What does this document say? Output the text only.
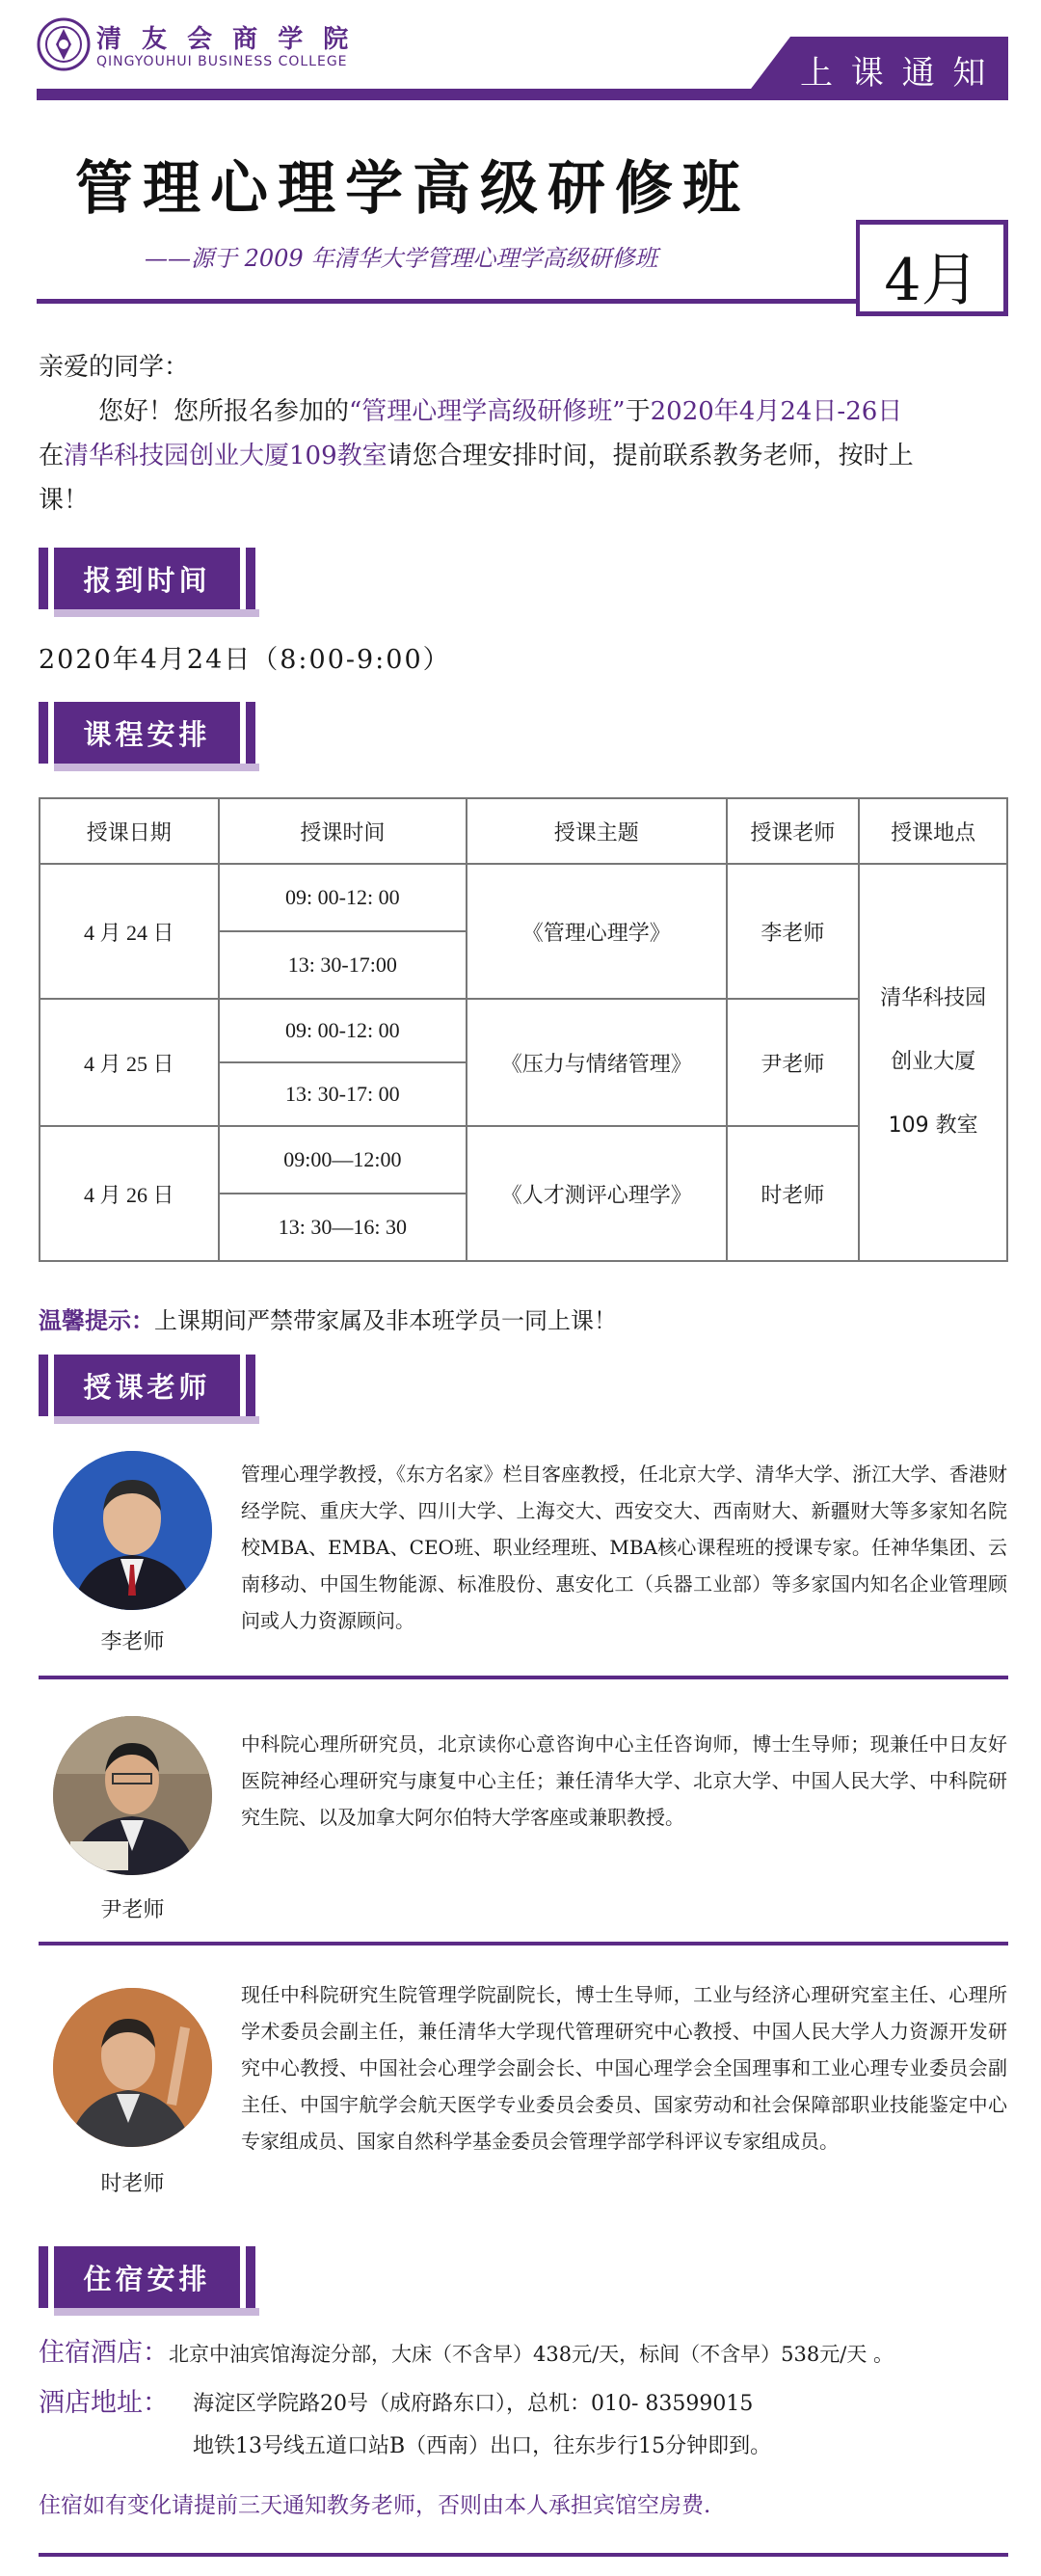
清 友 会 商 学 院
QINGYOUHUI BUSINESS COLLEGE	上 课 通 知
管理心理学高级研修班
——源于 2009 年清华大学管理心理学高级研修班	4月
亲爱的同学：
您好！您所报名参加的“管理心理学高级研修班”于2020年4月24日-26日
在清华科技园创业大厦109教室请您合理安排时间，提前联系教务老师，按时上
课！
报到时间
2020年4月24日（8:00-9:00）
课程安排
授课日期	授课时间	授课主题	授课老师	授课地点
4 月 24 日	09: 00-12: 00	《管理心理学》	李老师	清华科技园
创业大厦
109 教室

	13: 30-17:00			
4 月 25 日	09: 00-12: 00	《压力与情绪管理》	尹老师	
	13: 30-17: 00			
4 月 26 日	09:00—12:00	《人才测评心理学》	时老师	
	13: 30—16: 30			
温馨提示：上课期间严禁带家属及非本班学员一同上课！
授课老师
李老师
管理心理学教授，《东方名家》栏目客座教授，任北京大学、清华大学、浙江大学、香港财经学院、重庆大学、四川大学、上海交大、西安交大、西南财大、新疆财大等多家知名院校MBA、EMBA、CEO班、职业经理班、MBA核心课程班的授课专家。任神华集团、云南移动、中国生物能源、标准股份、惠安化工（兵器工业部）等多家国内知名企业管理顾问或人力资源顾问。
尹老师
中科院心理所研究员，北京读你心意咨询中心主任咨询师，博士生导师；现兼任中日友好医院神经心理研究与康复中心主任；兼任清华大学、北京大学、中国人民大学、中科院研究生院、以及加拿大阿尔伯特大学客座或兼职教授。
时老师
现任中科院研究生院管理学院副院长，博士生导师，工业与经济心理研究室主任、心理所学术委员会副主任，兼任清华大学现代管理研究中心教授、中国人民大学人力资源开发研究中心教授、中国社会心理学会副会长、中国心理学会全国理事和工业心理专业委员会副主任、中国宇航学会航天医学专业委员会委员、国家劳动和社会保障部职业技能鉴定中心专家组成员、国家自然科学基金委员会管理学部学科评议专家组成员。
住宿安排
住宿酒店：北京中油宾馆海淀分部，大床（不含早）438元/天，标间（不含早）538元/天 。
酒店地址： 海淀区学院路20号（成府路东口），总机：010- 83599015
地铁13号线五道口站B（西南）出口，往东步行15分钟即到。
住宿如有变化请提前三天通知教务老师，否则由本人承担宾馆空房费.
